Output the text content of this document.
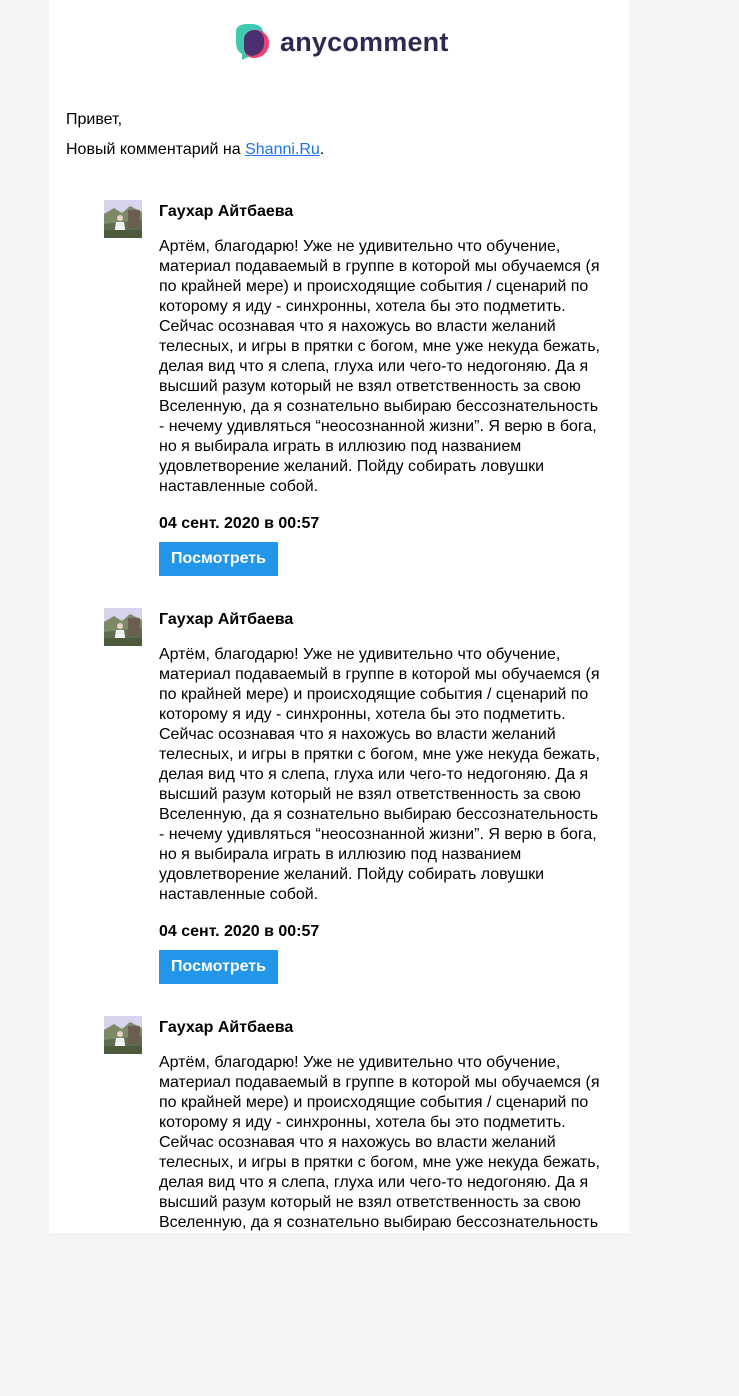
anycomment
Привет,
Новый комментарий на Shanni.Ru.
Гаухар Айтбаева
Артём, благодарю! Уже не удивительно что обучение,
материал подаваемый в группе в которой мы обучаемся (я
по крайней мере) и происходящие события / сценарий по
которому я иду - синхронны, хотела бы это подметить.
Сейчас осознавая что я нахожусь во власти желаний
телесных, и игры в прятки с богом, мне уже некуда бежать,
делая вид что я слепа, глуха или чего-то недогоняю. Да я
высший разум который не взял ответственность за свою
Вселенную, да я сознательно выбираю бессознательность
- нечему удивляться “неосознанной жизни”. Я верю в бога,
но я выбирала играть в иллюзию под названием
удовлетворение желаний. Пойду собирать ловушки
наставленные собой.
04 сент. 2020 в 00:57
Посмотреть
Гаухар Айтбаева
Артём, благодарю! Уже не удивительно что обучение,
материал подаваемый в группе в которой мы обучаемся (я
по крайней мере) и происходящие события / сценарий по
которому я иду - синхронны, хотела бы это подметить.
Сейчас осознавая что я нахожусь во власти желаний
телесных, и игры в прятки с богом, мне уже некуда бежать,
делая вид что я слепа, глуха или чего-то недогоняю. Да я
высший разум который не взял ответственность за свою
Вселенную, да я сознательно выбираю бессознательность
- нечему удивляться “неосознанной жизни”. Я верю в бога,
но я выбирала играть в иллюзию под названием
удовлетворение желаний. Пойду собирать ловушки
наставленные собой.
04 сент. 2020 в 00:57
Посмотреть
Гаухар Айтбаева
Артём, благодарю! Уже не удивительно что обучение,
материал подаваемый в группе в которой мы обучаемся (я
по крайней мере) и происходящие события / сценарий по
которому я иду - синхронны, хотела бы это подметить.
Сейчас осознавая что я нахожусь во власти желаний
телесных, и игры в прятки с богом, мне уже некуда бежать,
делая вид что я слепа, глуха или чего-то недогоняю. Да я
высший разум который не взял ответственность за свою
Вселенную, да я сознательно выбираю бессознательность
